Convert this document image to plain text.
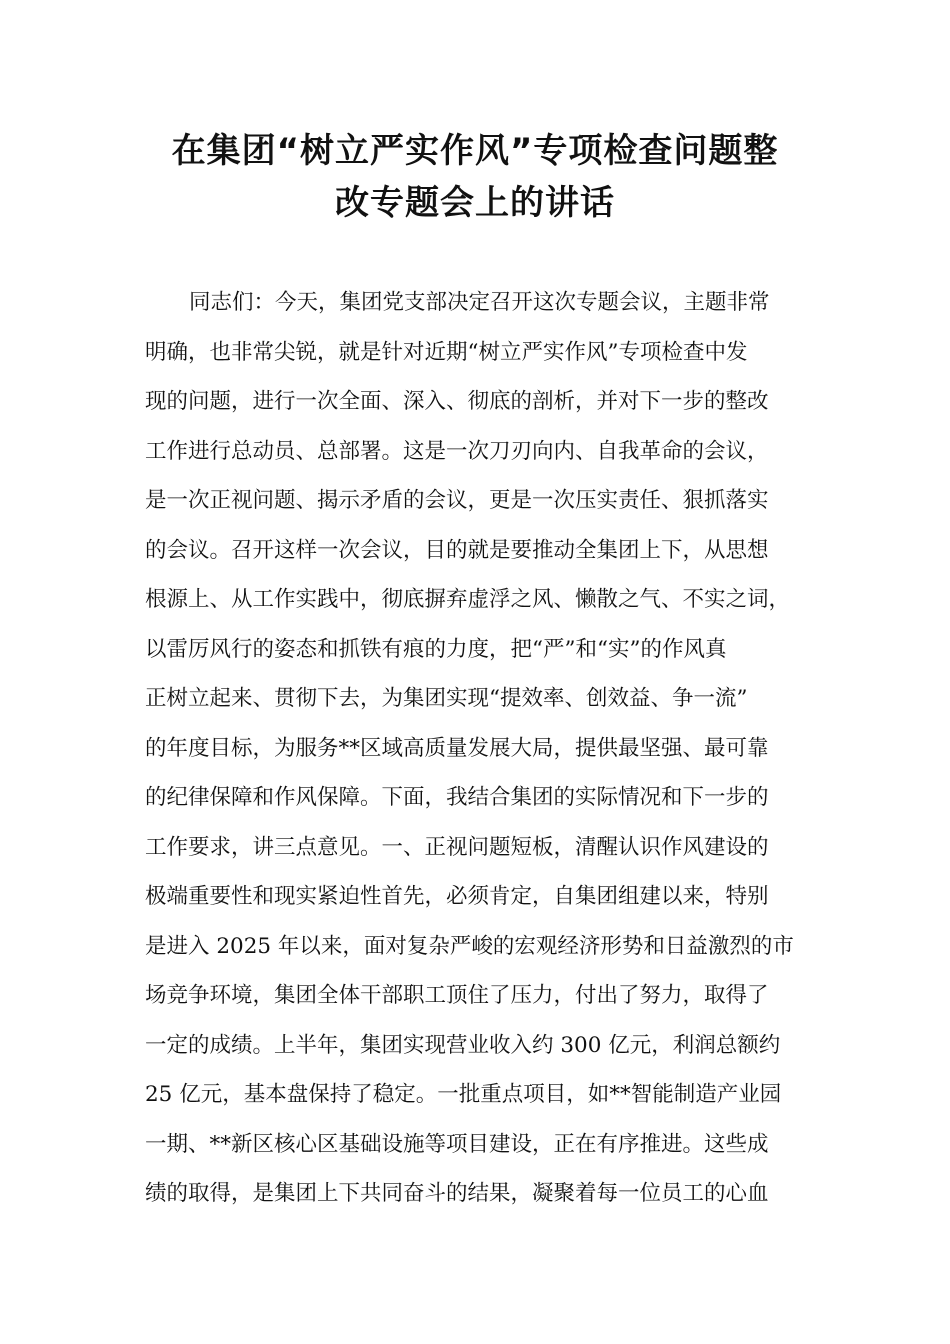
在集团“树立严实作风”专项检查问题整
改专题会上的讲话
同志们：今天，集团党支部决定召开这次专题会议，主题非常
明确，也非常尖锐，就是针对近期“树立严实作风”专项检查中发
现的问题，进行一次全面、深入、彻底的剖析，并对下一步的整改
工作进行总动员、总部署。这是一次刀刃向内、自我革命的会议，
是一次正视问题、揭示矛盾的会议，更是一次压实责任、狠抓落实
的会议。召开这样一次会议，目的就是要推动全集团上下，从思想
根源上、从工作实践中，彻底摒弃虚浮之风、懒散之气、不实之词，
以雷厉风行的姿态和抓铁有痕的力度，把“严”和“实”的作风真
正树立起来、贯彻下去，为集团实现“提效率、创效益、争一流”
的年度目标，为服务**区域高质量发展大局，提供最坚强、最可靠
的纪律保障和作风保障。下面，我结合集团的实际情况和下一步的
工作要求，讲三点意见。一、正视问题短板，清醒认识作风建设的
极端重要性和现实紧迫性首先，必须肯定，自集团组建以来，特别
是进入 2025 年以来，面对复杂严峻的宏观经济形势和日益激烈的市
场竞争环境，集团全体干部职工顶住了压力，付出了努力，取得了
一定的成绩。上半年，集团实现营业收入约 300 亿元，利润总额约
25 亿元，基本盘保持了稳定。一批重点项目，如**智能制造产业园
一期、**新区核心区基础设施等项目建设，正在有序推进。这些成
绩的取得，是集团上下共同奋斗的结果，凝聚着每一位员工的心血
